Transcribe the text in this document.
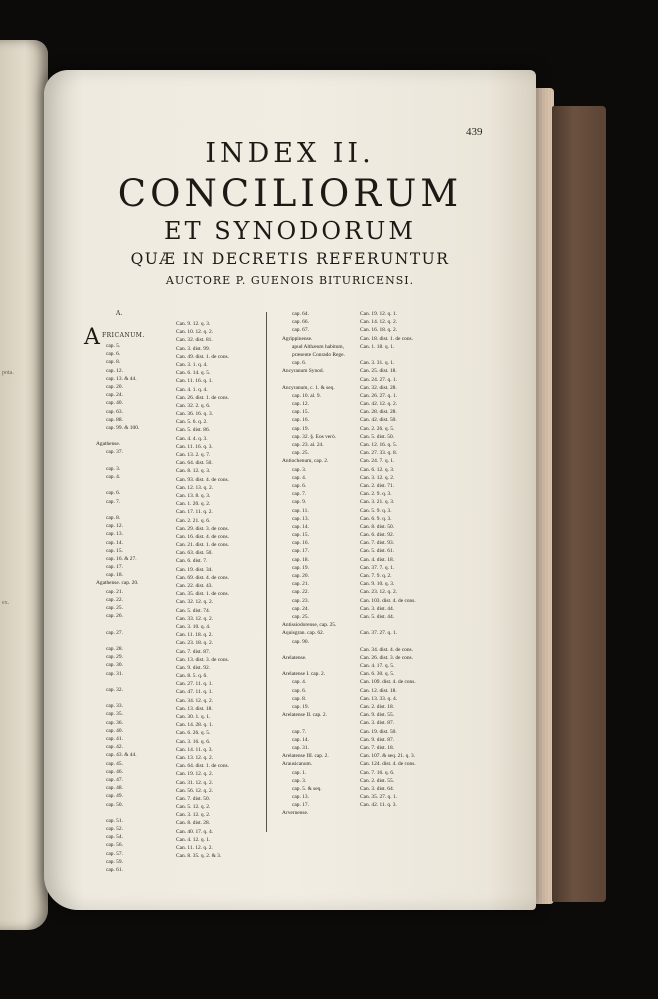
pota.
ex.
439
INDEX II.
CONCILIORUM
ET SYNODORUM
QUÆ IN DECRETIS REFERUNTUR
AUCTORE P. GUENOIS BITURICENSI.
A.
A FRICANUM.
cap. 5.
cap. 6.
cap. 8.
cap. 12.
cap. 13. & 44.
cap. 20.
cap. 24.
cap. 40.
cap. 63.
cap. 88.
cap. 99. & 100.
Agathense.
cap. 37.
cap. 3.
cap. 4.
cap. 6.
cap. 7.
cap. 8.
cap. 12.
cap. 13.
cap. 14.
cap. 15.
cap. 16. & 27.
cap. 17.
cap. 18.
Agathense. cap. 20.
cap. 21.
cap. 22.
cap. 25.
cap. 26.
cap. 27.
cap. 28.
cap. 29.
cap. 30.
cap. 31.
cap. 32.
cap. 33.
cap. 35.
cap. 36.
cap. 40.
cap. 41.
cap. 42.
cap. 43. & 44.
cap. 45.
cap. 46.
cap. 47.
cap. 48.
cap. 49.
cap. 50.
cap. 51.
cap. 52.
cap. 54.
cap. 56.
cap. 57.
cap. 59.
cap. 61.
Can. 9. 12. q. 3.
Can. 10. 12. q. 2.
Can. 32. dist. 81.
Can. 3. dist. 99.
Can. 49. dist. 1. de cons.
Can. 3. 1. q. 4.
Can. 6. 14. q. 5.
Can. 11. 16. q. 1.
Can. 4. 1. q. 4.
Can. 26. dist. 1. de cons.
Can. 32. 2. q. 6.
Can. 36. 16. q. 3.
Can. 5. 6. q. 2.
Can. 5. dist. 86.
Can. 4. 4. q. 3.
Can. 11. 16. q. 3.
Can. 13. 2. q. 7.
Can. 64. dist. 50.
Can. 8. 12. q. 3.
Can. 93. dist. 4. de cons.
Can. 12. 13. q. 2.
Can. 13. 8. q. 3.
Can. 1. 20. q. 2.
Can. 17. 11. q. 2.
Can. 2. 21. q. 6.
Can. 29. dist. 3. de cons.
Can. 16. dist. 4. de cons.
Can. 21. dist. 1. de cons.
Can. 63. dist. 50.
Can. 6. dist. 7.
Can. 19. dist. 34.
Can. 69. dist. 4. de cons.
Can. 22. dist. 43.
Can. 35. dist. 1. de cons.
Can. 32. 12. q. 2.
Can. 5. dist. 74.
Can. 33. 12. q. 2.
Can. 3. 10. q. 4.
Can. 11. 18. q. 2.
Can. 23. 18. q. 2.
Can. 7. dist. 87.
Can. 13. dist. 3. de cons.
Can. 9. dist. 92.
Can. 8. 5. q. 6.
Can. 27. 11. q. 1.
Can. 47. 11. q. 1.
Can. 34. 12. q. 2.
Can. 13. dist. 18.
Can. 30. 1. q. 1.
Can. 14. 28. q. 1.
Can. 6. 26. q. 5.
Can. 3. 16. q. 6.
Can. 14. 11. q. 3.
Can. 13. 12. q. 2.
Can. 64. dist. 1. de cons.
Can. 19. 12. q. 2.
Can. 31. 12. q. 2.
Can. 56. 12. q. 2.
Can. 7. dist. 50.
Can. 5. 12. q. 2.
Can. 3. 12. q. 2.
Can. 8. dist. 28.
Can. 40. 17. q. 4.
Can. 4. 12. q. 1.
Can. 11. 12. q. 2.
Can. 8. 35. q. 2. & 3.
cap. 64.
cap. 66.
cap. 67.
Agrippinense.
apud Althæum habitum,
præsente Conrado Rege.
cap. 6.
Ancyranum Synod.
Ancyranum, c. 1. & seq.
cap. 10. al. 9.
cap. 12.
cap. 15.
cap. 16.
cap. 19.
cap. 32. §. Eos verò.
cap. 23. al. 24.
cap. 25.
Antiochenum, cap. 2.
cap. 3.
cap. 4.
cap. 6.
cap. 7.
cap. 9.
cap. 11.
cap. 13.
cap. 14.
cap. 15.
cap. 16.
cap. 17.
cap. 18.
cap. 19.
cap. 20.
cap. 21.
cap. 22.
cap. 23.
cap. 24.
cap. 25.
Antissiodorense, cap. 25.
Aquisgran. cap. 62.
cap. 90.
Arelatense.
Arelatense I. cap. 2.
cap. 4.
cap. 6.
cap. 8.
cap. 19.
Arelatense II. cap. 2.
cap. 7.
cap. 14.
cap. 31.
Arelatense III. cap. 2.
Arausicanum.
cap. 1.
cap. 3.
cap. 5. & seq.
cap. 13.
cap. 17.
Arvernense.
Can. 19. 12. q. 1.
Can. 14. 12. q. 2.
Can. 16. 18. q. 2.
Can. 18. dist. 1. de cons.
Can. 1. 18. q. 1.
Can. 3. 31. q. 1.
Can. 25. dist. 18.
Can. 24. 27. q. 1.
Can. 32. dist. 28.
Can. 26. 27. q. 1.
Can. 42. 12. q. 2.
Can. 28. dist. 28.
Can. 42. dist. 50.
Can. 2. 26. q. 5.
Can. 5. dist. 50.
Can. 12. 16. q. 5.
Can. 27. 33. q. 8.
Can. 24. 7. q. 1.
Can. 6. 12. q. 3.
Can. 3. 12. q. 2.
Can. 2. dist. 71.
Can. 2. 9. q. 3.
Can. 3. 21. q. 3.
Can. 5. 9. q. 3.
Can. 6. 9. q. 3.
Can. 8. dist. 50.
Can. 6. dist. 92.
Can. 7. dist. 93.
Can. 5. dist. 61.
Can. 4. dist. 18.
Can. 37. 7. q. 1.
Can. 7. 9. q. 2.
Can. 9. 10. q. 3.
Can. 23. 12. q. 2.
Can. 103. dist. 4. de cons.
Can. 3. dist. 44.
Can. 5. dist. 44.
Can. 37. 27. q. 1.
Can. 34. dist. 4. de cons.
Can. 26. dist. 3. de cons.
Can. 4. 17. q. 5.
Can. 6. 30. q. 5.
Can. 109. dist. 4. de cons.
Can. 12. dist. 18.
Can. 13. 33. q. 4.
Can. 2. dist. 18.
Can. 9. dist. 55.
Can. 3. dist. 87.
Can. 19. dist. 50.
Can. 9. dist. 87.
Can. 7. dist. 18.
Can. 107. & seq. 21. q. 3.
Can. 124. dist. 4. de cons.
Can. 7. 16. q. 6.
Can. 2. dist. 55.
Can. 3. dist. 64.
Can. 35. 27. q. 1.
Can. 42. 11. q. 3.
